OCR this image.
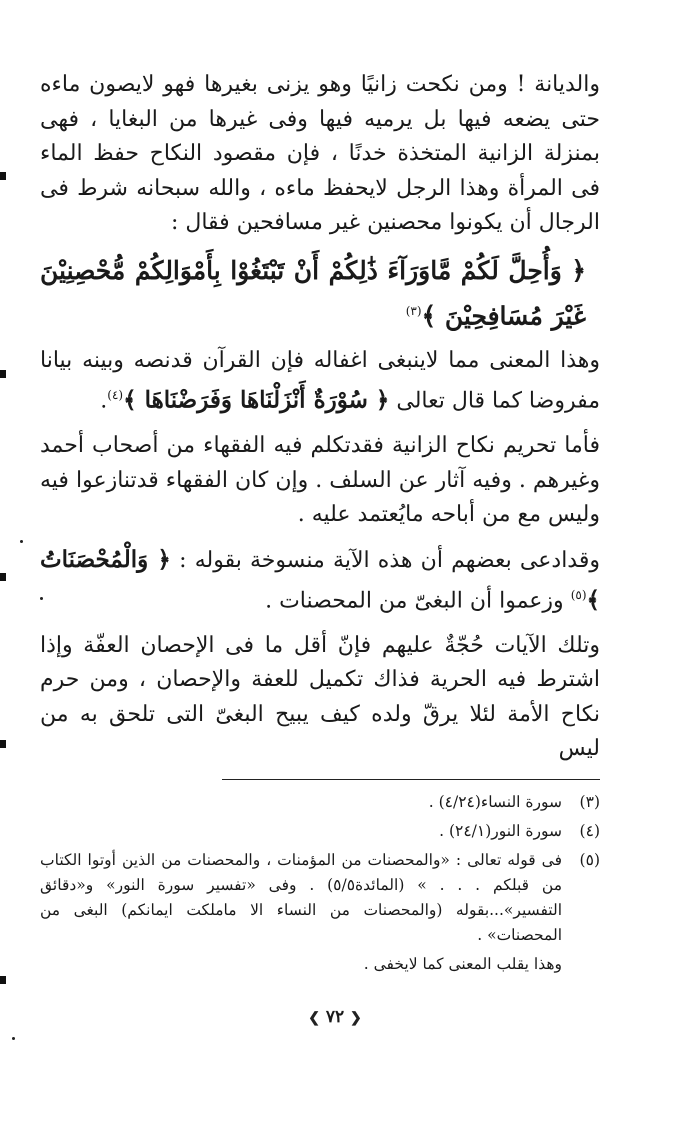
والديانة ! ومن نكحت زانيًا وهو يزنى بغيرها فهو لايصون ماءه حتى يضعه فيها بل يرميه فيها وفى غيرها من البغايا ، فهى بمنزلة الزانية المتخذة خدنًا ، فإن مقصود النكاح حفظ الماء فى المرأة وهذا الرجل لايحفظ ماءه ، والله سبحانه شرط فى الرجال أن يكونوا محصنين غير مسافحين فقال :

﴿ وَأُحِلَّ لَكُمْ مَّاوَرَآءَ ذَٰلِكُمْ أَنْ تَبْتَغُوْا بِأَمْوَالِكُمْ مُّحْصِنِيْنَ غَيْرَ مُسَافِحِيْنَ ﴾$^{(٣)}$

وهذا المعنى مما لاينبغى اغفاله فإن القرآن قدنصه وبينه بيانا مفروضا كما قال تعالى ﴿ سُوْرَةٌ أَنْزَلْنَاهَا وَفَرَضْنَاهَا ﴾$^{(٤)}$.

فأما تحريم نكاح الزانية فقدتكلم فيه الفقهاء من أصحاب أحمد وغيرهم . وفيه آثار عن السلف . وإن كان الفقهاء قدتنازعوا فيه وليس مع من أباحه مايُعتمد عليه .

وقدادعى بعضهم أن هذه الآية منسوخة بقوله : ﴿ وَالْمُحْصَنَاتُ ﴾$^{(٥)}$ وزعموا أن البغىّ من المحصنات .

وتلك الآيات حُجّةٌ عليهم فإنّ أقل ما فى الإحصان العفّة وإذا اشترط فيه الحرية فذاك تكميل للعفة والإحصان ، ومن حرم نكاح الأمة لئلا يرقّ ولده كيف يبيح البغىّ التى تلحق به من ليس

(٣)
سورة النساء(٤/٢٤) .
(٤)
سورة النور(٢٤/١) .
(٥)
فى قوله تعالى : «والمحصنات من المؤمنات ، والمحصنات من الذين أوتوا الكتاب من قبلكم . . . » (المائدة٥/٥) . وفى «تفسير سورة النور» و«دقائق التفسير»...بقوله (والمحصنات من النساء الا ماملكت ايمانكم) البغى من المحصنات» .
وهذا يقلب المعنى كما لايخفى .
❮ ٧٢ ❯
